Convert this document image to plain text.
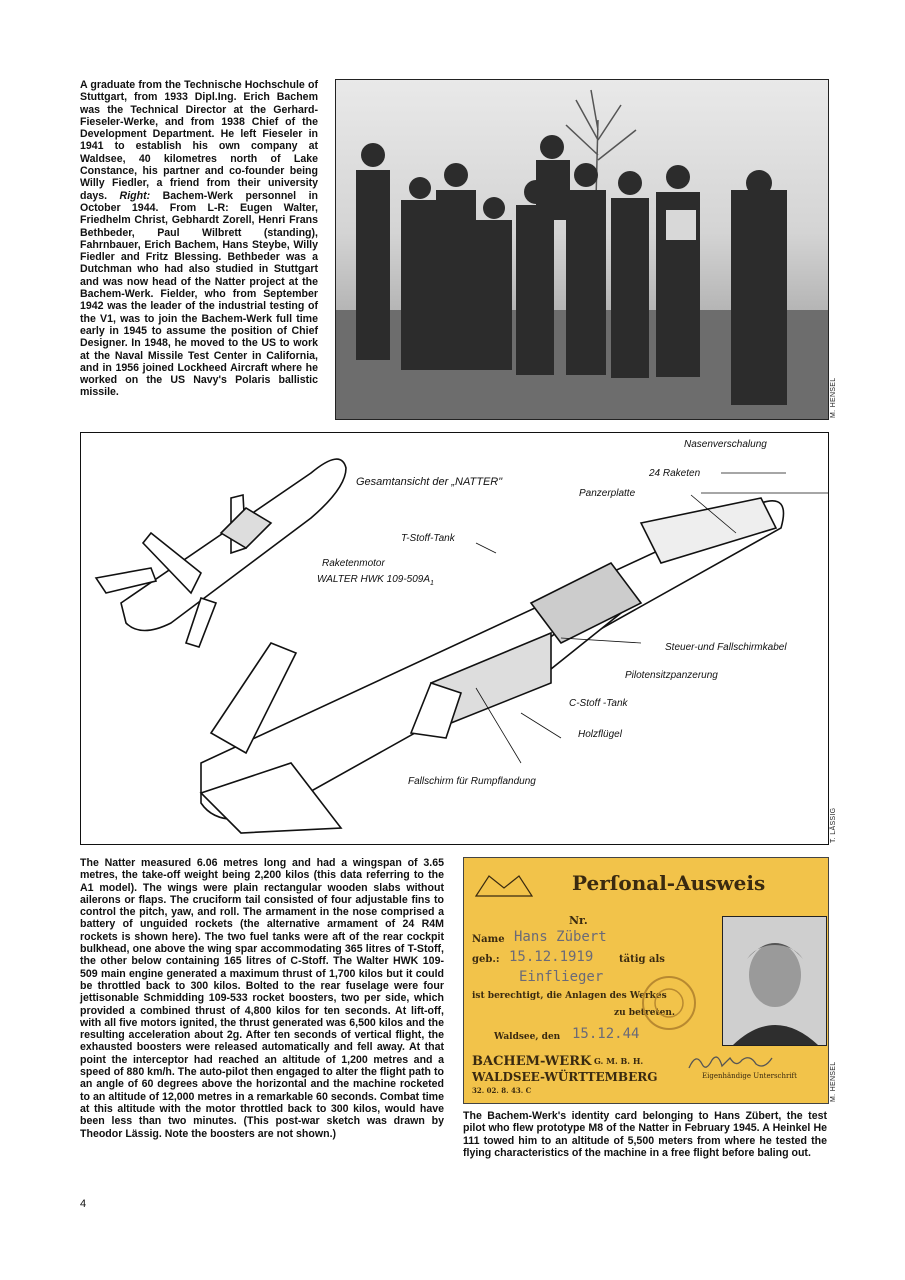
A graduate from the Technische Hochschule of Stuttgart, from 1933 Dipl.Ing. Erich Bachem was the Technical Director at the Gerhard-Fieseler-Werke, and from 1938 Chief of the Development Department. He left Fieseler in 1941 to establish his own company at Waldsee, 40 kilometres north of Lake Constance, his partner and co-founder being Willy Fiedler, a friend from their university days. Right: Bachem-Werk personnel in October 1944. From L-R: Eugen Walter, Friedhelm Christ, Gebhardt Zorell, Henri Frans Bethbeder, Paul Wilbrett (standing), Fahrnbauer, Erich Bachem, Hans Steybe, Willy Fiedler and Fritz Blessing. Bethbeder was a Dutchman who had also studied in Stuttgart and was now head of the Natter project at the Bachem-Werk. Fielder, who from September 1942 was the leader of the industrial testing of the V1, was to join the Bachem-Werk full time early in 1945 to assume the position of Chief Designer. In 1948, he moved to the US to work at the Naval Missile Test Center in California, and in 1956 joined Lockheed Aircraft where he worked on the US Navy's Polaris ballistic missile.	M. HENSEL
Gesamtansicht der „NATTER"
Nasenverschalung
24 Raketen
Panzerplatte
T-Stoff-Tank
Raketenmotor
WALTER HWK $109-509A_1$
Steuer-und Fallschirmkabel
Pilotensitzpanzerung
C-Stoff -Tank
Holzflügel
Fallschirm für Rumpflandung
T. LÄSSIG

The Natter measured 6.06 metres long and had a wingspan of 3.65 metres, the take-off weight being 2,200 kilos (this data referring to the A1 model). The wings were plain rectangular wooden slabs without ailerons or flaps. The cruciform tail consisted of four adjustable fins to control the pitch, yaw, and roll. The armament in the nose comprised a battery of unguided rockets (the alternative armament of 24 R4M rockets is shown here). The two fuel tanks were aft of the rear cockpit bulkhead, one above the wing spar accommodating 365 litres of T-Stoff, the other below containing 165 litres of C-Stoff. The Walter HWK 109-509 main engine generated a maximum thrust of 1,700 kilos but it could be throttled back to 300 kilos. Bolted to the rear fuselage were four jettisonable Schmidding 109-533 rocket boosters, two per side, which provided a combined thrust of 4,800 kilos for ten seconds. At lift-off, with all five motors ignited, the thrust generated was 6,500 kilos and the resulting acceleration about 2g. After ten seconds of vertical flight, the exhausted boosters were released automatically and fell away. At that point the interceptor had reached an altitude of 1,200 metres and a speed of 880 km/h. The auto-pilot then engaged to alter the flight path to an angle of 60 degrees above the horizontal and the machine rocketed to an altitude of 12,000 metres in a remarkable 60 seconds. Combat time at this altitude with the motor throttled back to 300 kilos, would have been less than two minutes. (This post-war sketch was drawn by Theodor Lässig. Note the boosters are not shown.)

Perſonal-Ausweis
Nr.
Name Hans Zübert
geb.: 15.12.1919	tätig als
Einflieger
ist berechtigt, die Anlagen des Werkes
zu betreten.
Waldsee, den 15.12.44
BACHEM-WERK G. M. B. H.
WALDSEE-WÜRTTEMBERG
32. 02. 8. 43. C
Eigenhändige Unterschrift	M. HENSEL

The Bachem-Werk's identity card belonging to Hans Zübert, the test pilot who flew prototype M8 of the Natter in February 1945. A Heinkel He 111 towed him to an altitude of 5,500 meters from where he tested the flying characteristics of the machine in a free flight before baling out.

4
